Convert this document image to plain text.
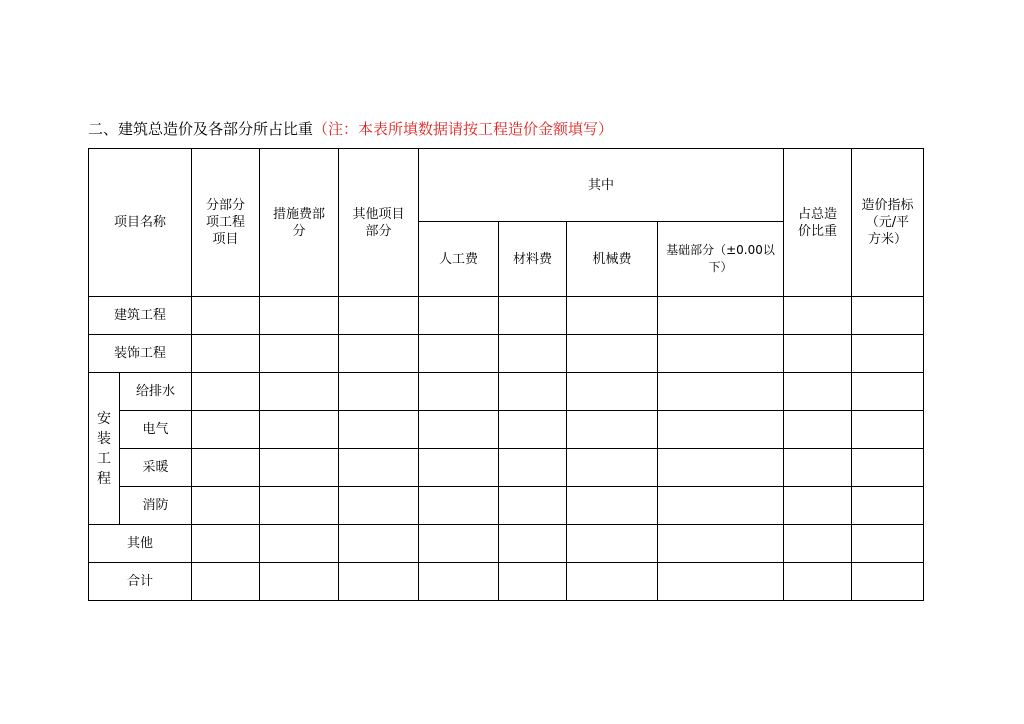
二、建筑总造价及各部分所占比重（注：本表所填数据请按工程造价金额填写）
项目名称		分部分项工程项目	措施费部分	其他项目部分	其中				占总造价比重	造价指标（元/平方米）
					人工费	材料费	机械费	基础部分（±0.00以下）		
建筑工程										
装饰工程										
安装工程	给排水									
	电气									
	采暖									
	消防									
其他										
合计										
